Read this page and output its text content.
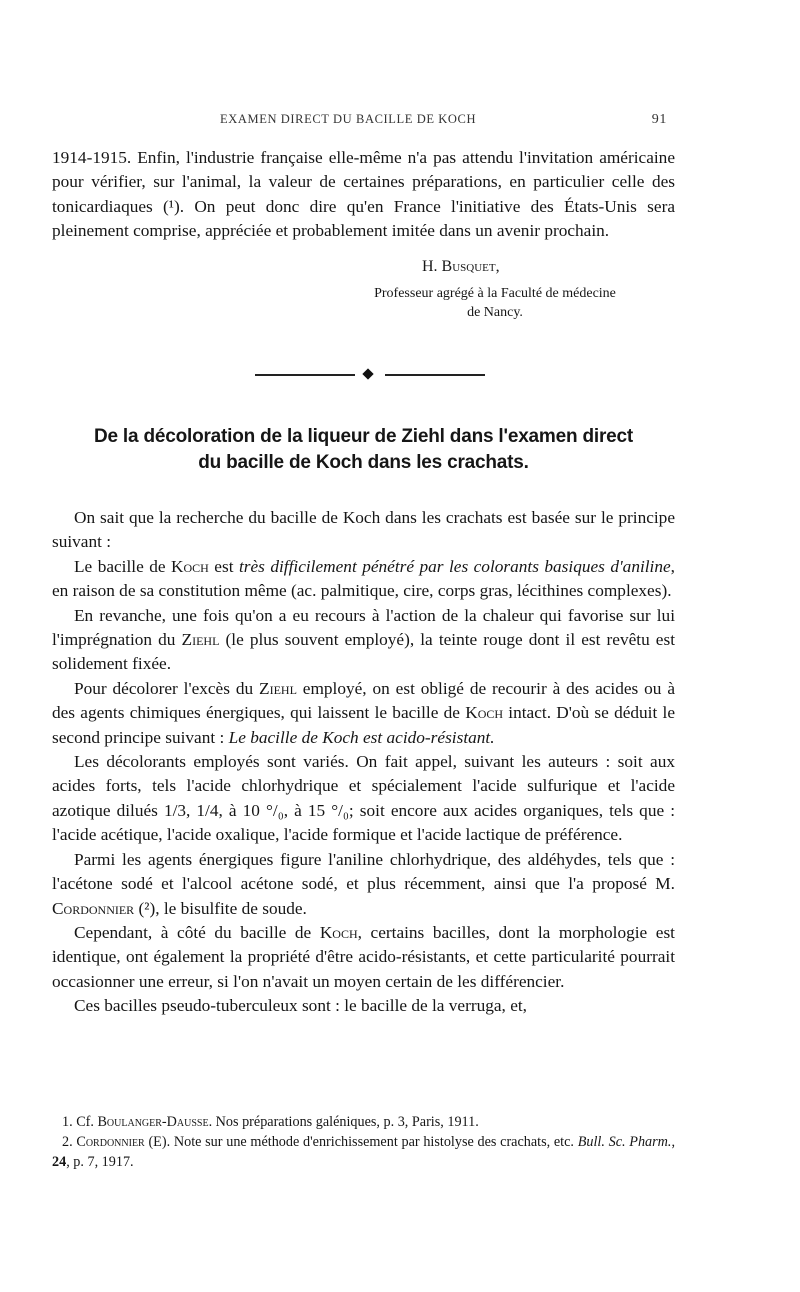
EXAMEN DIRECT DU BACILLE DE KOCH	91

1914-1915. Enfin, l'industrie française elle-même n'a pas attendu l'invitation américaine pour vérifier, sur l'animal, la valeur de certaines préparations, en particulier celle des tonicardiaques (¹). On peut donc dire qu'en France l'initiative des États-Unis sera pleinement comprise, appréciée et probablement imitée dans un avenir prochain.

H. Busquet,
Professeur agrégé à la Faculté de médecine
de Nancy.
De la décoloration de la liqueur de Ziehl dans l'examen direct
du bacille de Koch dans les crachats.

On sait que la recherche du bacille de Koch dans les crachats est basée sur le principe suivant :

Le bacille de Koch est très difficilement pénétré par les colorants basiques d'aniline, en raison de sa constitution même (ac. palmitique, cire, corps gras, lécithines complexes).

En revanche, une fois qu'on a eu recours à l'action de la chaleur qui favorise sur lui l'imprégnation du Ziehl (le plus souvent employé), la teinte rouge dont il est revêtu est solidement fixée.

Pour décolorer l'excès du Ziehl employé, on est obligé de recourir à des acides ou à des agents chimiques énergiques, qui laissent le bacille de Koch intact. D'où se déduit le second principe suivant : Le bacille de Koch est acido-résistant.

Les décolorants employés sont variés. On fait appel, suivant les auteurs : soit aux acides forts, tels l'acide chlorhydrique et spécialement l'acide sulfurique et l'acide azotique dilués 1/3, 1/4, à 10 °/₀, à 15 °/₀; soit encore aux acides organiques, tels que : l'acide acétique, l'acide oxalique, l'acide formique et l'acide lactique de préférence.

Parmi les agents énergiques figure l'aniline chlorhydrique, des aldéhydes, tels que : l'acétone sodé et l'alcool acétone sodé, et plus récemment, ainsi que l'a proposé M. Cordonnier (²), le bisulfite de soude.

Cependant, à côté du bacille de Koch, certains bacilles, dont la morphologie est identique, ont également la propriété d'être acido-résistants, et cette particularité pourrait occasionner une erreur, si l'on n'avait un moyen certain de les différencier.

Ces bacilles pseudo-tuberculeux sont : le bacille de la verruga, et,

1. Cf. Boulanger-Dausse. Nos préparations galéniques, p. 3, Paris, 1911.

2. Cordonnier (E). Note sur une méthode d'enrichissement par histolyse des crachats, etc. Bull. Sc. Pharm., 24, p. 7, 1917.
